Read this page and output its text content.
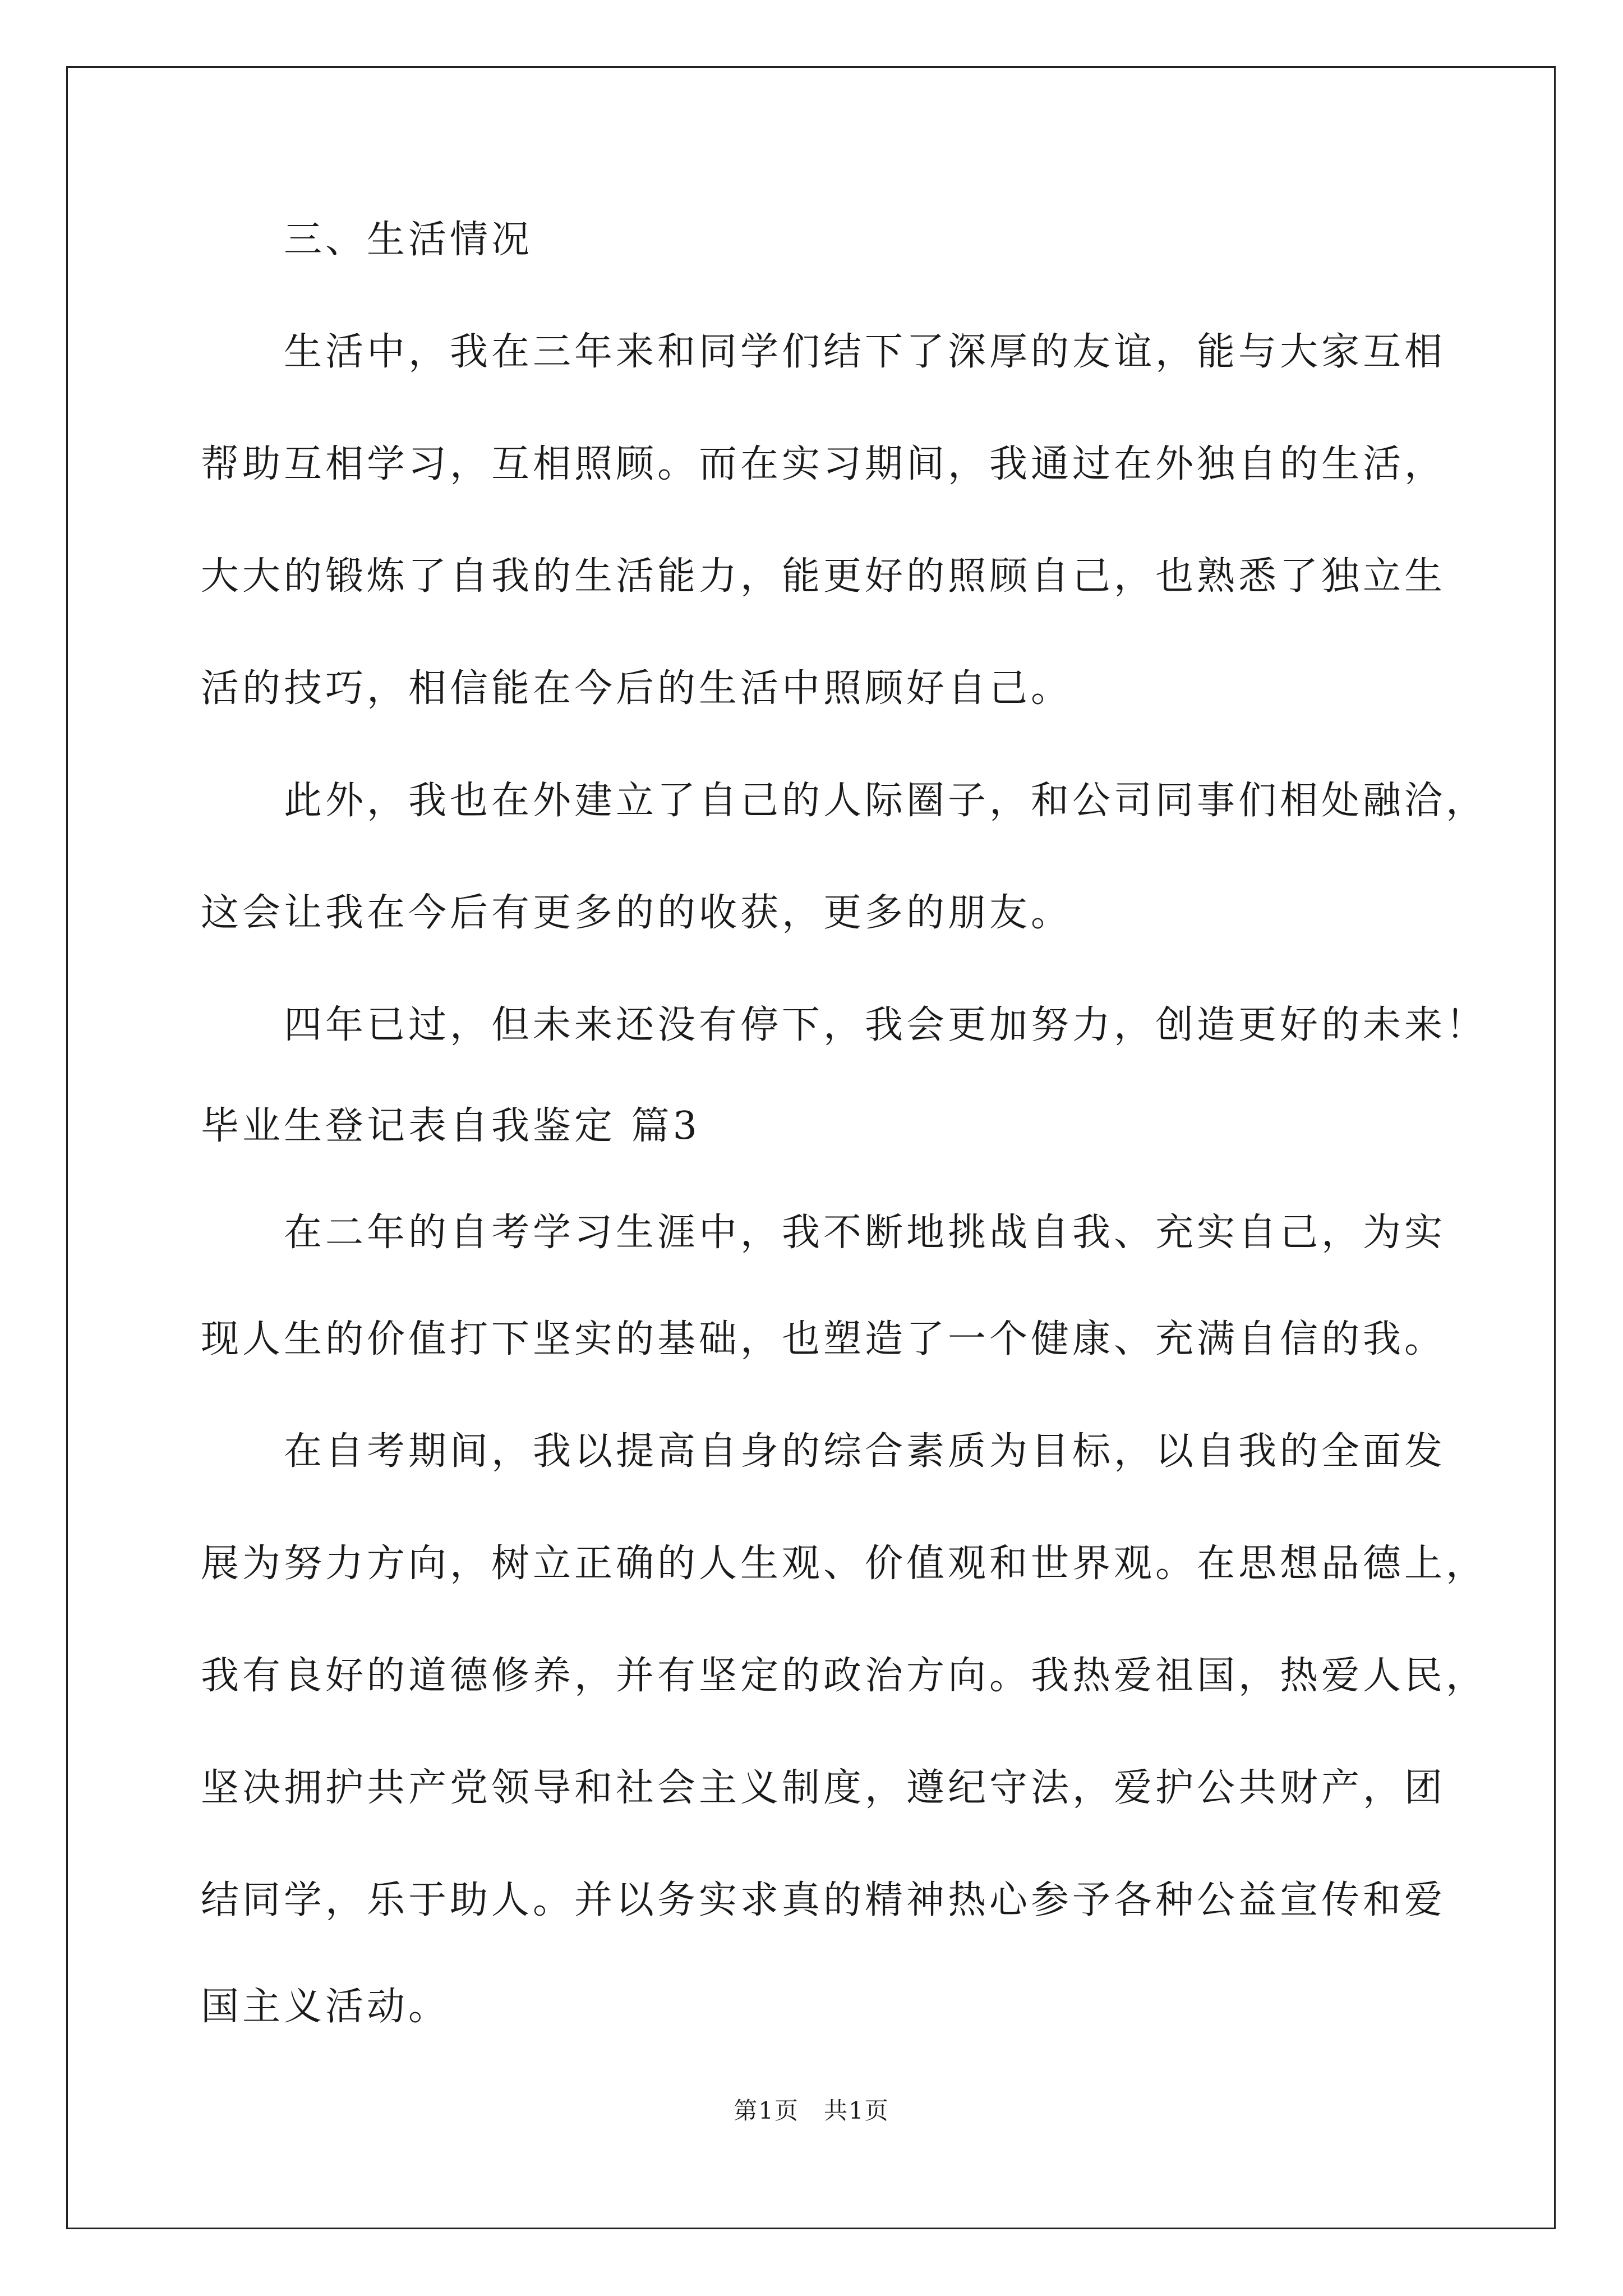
三、生活情况
生活中，我在三年来和同学们结下了深厚的友谊，能与大家互相
帮助互相学习，互相照顾。而在实习期间，我通过在外独自的生活，
大大的锻炼了自我的生活能力，能更好的照顾自己，也熟悉了独立生
活的技巧，相信能在今后的生活中照顾好自己。
此外，我也在外建立了自己的人际圈子，和公司同事们相处融洽，
这会让我在今后有更多的的收获，更多的朋友。
四年已过，但未来还没有停下，我会更加努力，创造更好的未来！
毕业生登记表自我鉴定 篇3
在二年的自考学习生涯中，我不断地挑战自我、充实自己，为实
现人生的价值打下坚实的基础，也塑造了一个健康、充满自信的我。
在自考期间，我以提高自身的综合素质为目标，以自我的全面发
展为努力方向，树立正确的人生观、价值观和世界观。在思想品德上，
我有良好的道德修养，并有坚定的政治方向。我热爱祖国，热爱人民，
坚决拥护共产党领导和社会主义制度，遵纪守法，爱护公共财产，团
结同学，乐于助人。并以务实求真的精神热心参予各种公益宣传和爱
国主义活动。
第1页　共1页
